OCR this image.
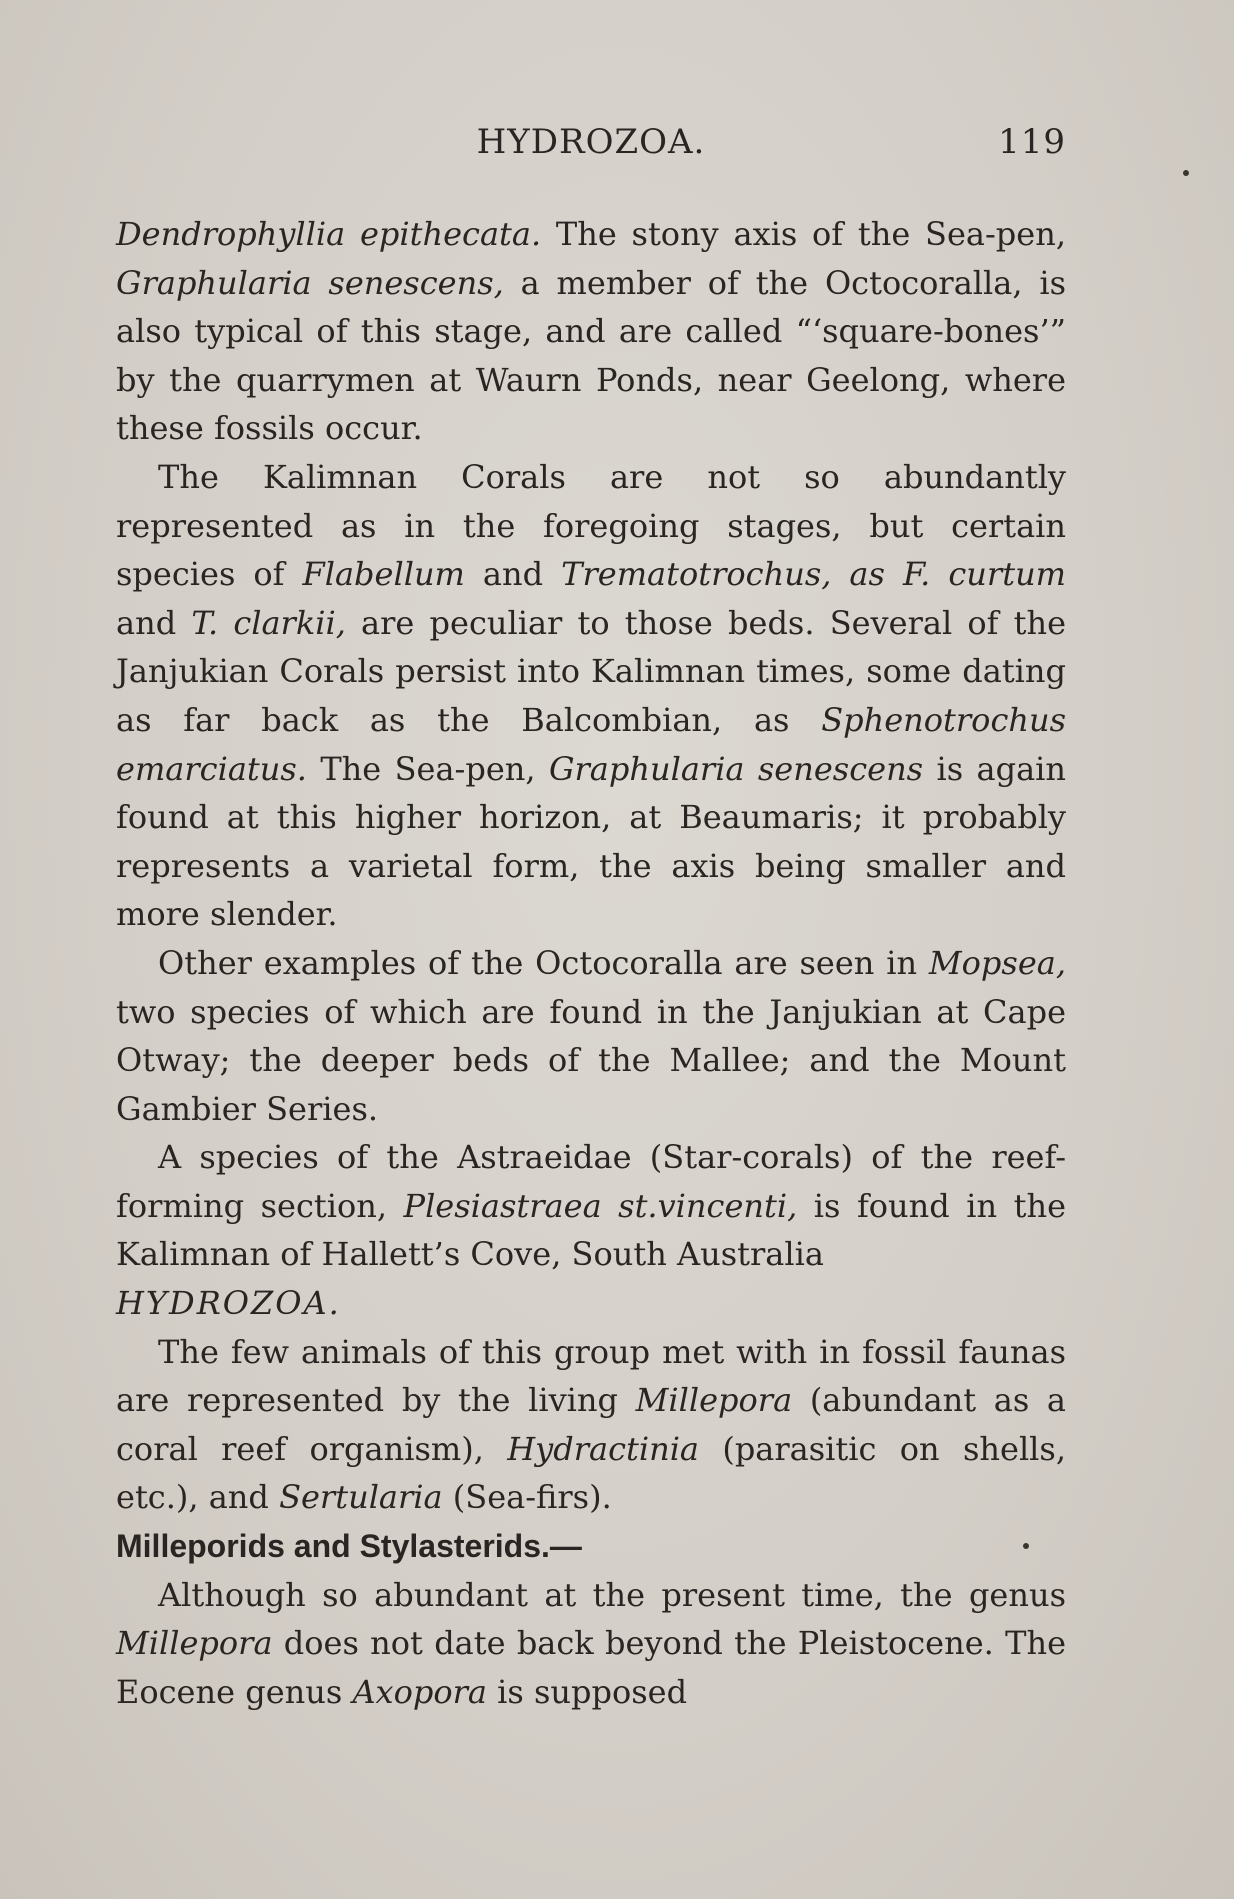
HYDROZOA.	119

Dendrophyllia epithecata. The stony axis of the Sea-pen, Graphularia senescens, a member of the Octocoralla, is also typical of this stage, and are called “‘square-bones’” by the quarrymen at Waurn Ponds, near Geelong, where these fossils occur.

The Kalimnan Corals are not so abundantly represented as in the foregoing stages, but certain species of Flabellum and Trematotrochus, as F. curtum and T. clarkii, are peculiar to those beds. Several of the Janjukian Corals persist into Kalimnan times, some dating as far back as the Balcombian, as Sphenotrochus emarciatus. The Sea-pen, Graphularia senescens is again found at this higher horizon, at Beaumaris; it probably represents a varietal form, the axis being smaller and more slender.

Other examples of the Octocoralla are seen in Mopsea, two species of which are found in the Janjukian at Cape Otway; the deeper beds of the Mallee; and the Mount Gambier Series.

A species of the Astraeidae (Star-corals) of the reef-forming section, Plesiastraea st.vincenti, is found in the Kalimnan of Hallett’s Cove, South Australia

HYDROZOA.

The few animals of this group met with in fossil faunas are represented by the living Millepora (abundant as a coral reef organism), Hydractinia (parasitic on shells, etc.), and Sertularia (Sea-firs).

Milleporids and Stylasterids.—

Although so abundant at the present time, the genus Millepora does not date back beyond the Pleistocene. The Eocene genus Axopora is supposed
